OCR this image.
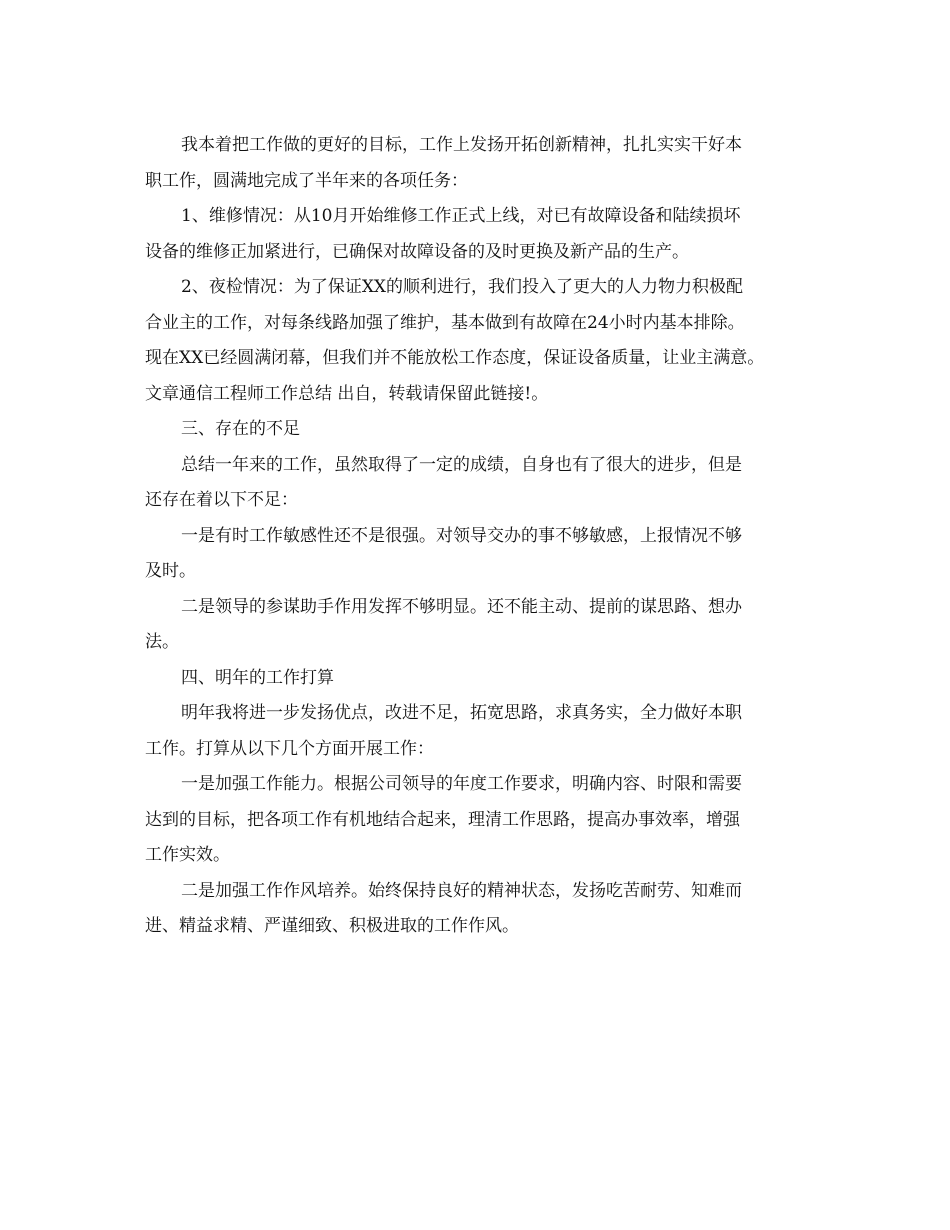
我本着把工作做的更好的目标，工作上发扬开拓创新精神，扎扎实实干好本
职工作，圆满地完成了半年来的各项任务：
1、维修情况：从10月开始维修工作正式上线，对已有故障设备和陆续损坏
设备的维修正加紧进行，已确保对故障设备的及时更换及新产品的生产。
2、夜检情况：为了保证XX的顺利进行，我们投入了更大的人力物力积极配
合业主的工作，对每条线路加强了维护，基本做到有故障在24小时内基本排除。
现在XX已经圆满闭幕，但我们并不能放松工作态度，保证设备质量，让业主满意。
文章通信工程师工作总结 出自，转载请保留此链接!。
三、存在的不足
总结一年来的工作，虽然取得了一定的成绩，自身也有了很大的进步，但是
还存在着以下不足：
一是有时工作敏感性还不是很强。对领导交办的事不够敏感，上报情况不够
及时。
二是领导的参谋助手作用发挥不够明显。还不能主动、提前的谋思路、想办
法。
四、明年的工作打算
明年我将进一步发扬优点，改进不足，拓宽思路，求真务实，全力做好本职
工作。打算从以下几个方面开展工作：
一是加强工作能力。根据公司领导的年度工作要求，明确内容、时限和需要
达到的目标，把各项工作有机地结合起来，理清工作思路，提高办事效率，增强
工作实效。
二是加强工作作风培养。始终保持良好的精神状态，发扬吃苦耐劳、知难而
进、精益求精、严谨细致、积极进取的工作作风。
